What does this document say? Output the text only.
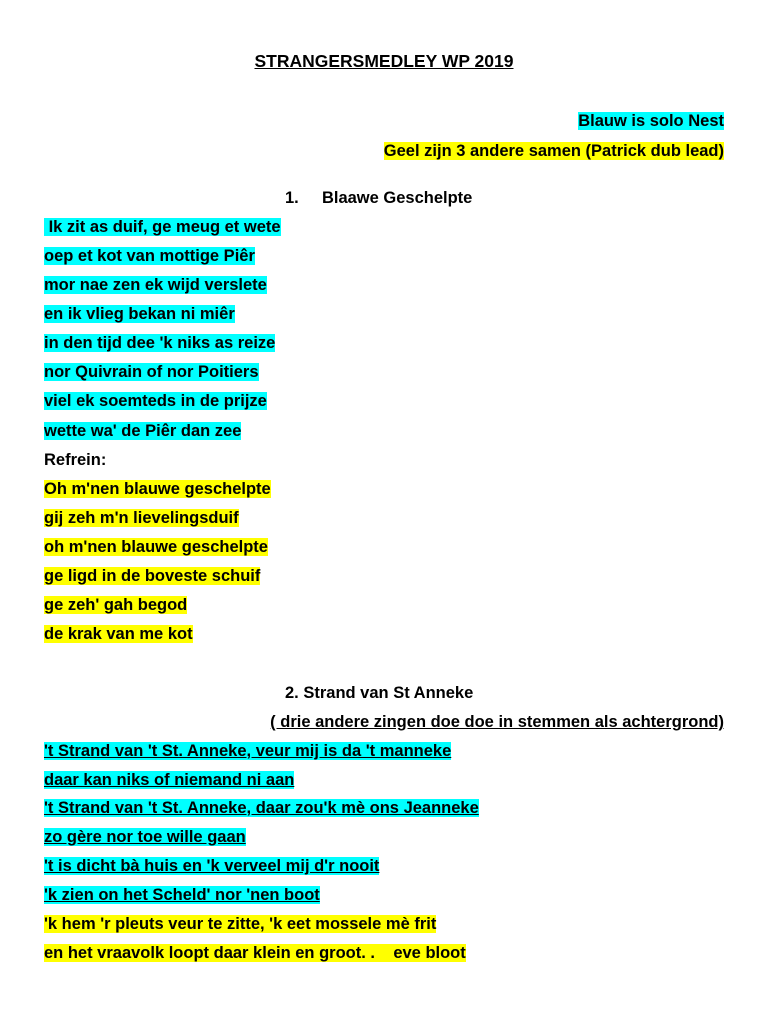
STRANGERSMEDLEY WP 2019
Blauw is solo Nest
Geel zijn 3 andere samen (Patrick dub lead)
1. Blaawe Geschelpte
Ik zit as duif, ge meug et wete
oep et kot van mottige Piêr
mor nae zen ek wijd verslete
en ik vlieg bekan ni miêr
in den tijd dee 'k niks as reize
nor Quivrain of nor Poitiers
viel ek soemteds in de prijze
wette wa' de Piêr dan zee
Refrein:
Oh m'nen blauwe geschelpte
gij zeh m'n lievelingsduif
oh m'nen blauwe geschelpte
ge ligd in de boveste schuif
ge zeh' gah begod
de krak van me kot
2. Strand van St Anneke
( drie andere zingen doe doe in stemmen als achtergrond)
't Strand van 't St. Anneke, veur mij is da 't manneke
daar kan niks of niemand ni aan
't Strand van 't St. Anneke, daar zou'k mè ons Jeanneke
zo gère nor toe wille gaan
't is dicht bà huis en 'k verveel mij d'r nooit
'k zien on het Scheld' nor 'nen boot
'k hem 'r pleuts veur te zitte, 'k eet mossele mè frit
en het vraavolk loopt daar klein en groot. .    eve bloot
